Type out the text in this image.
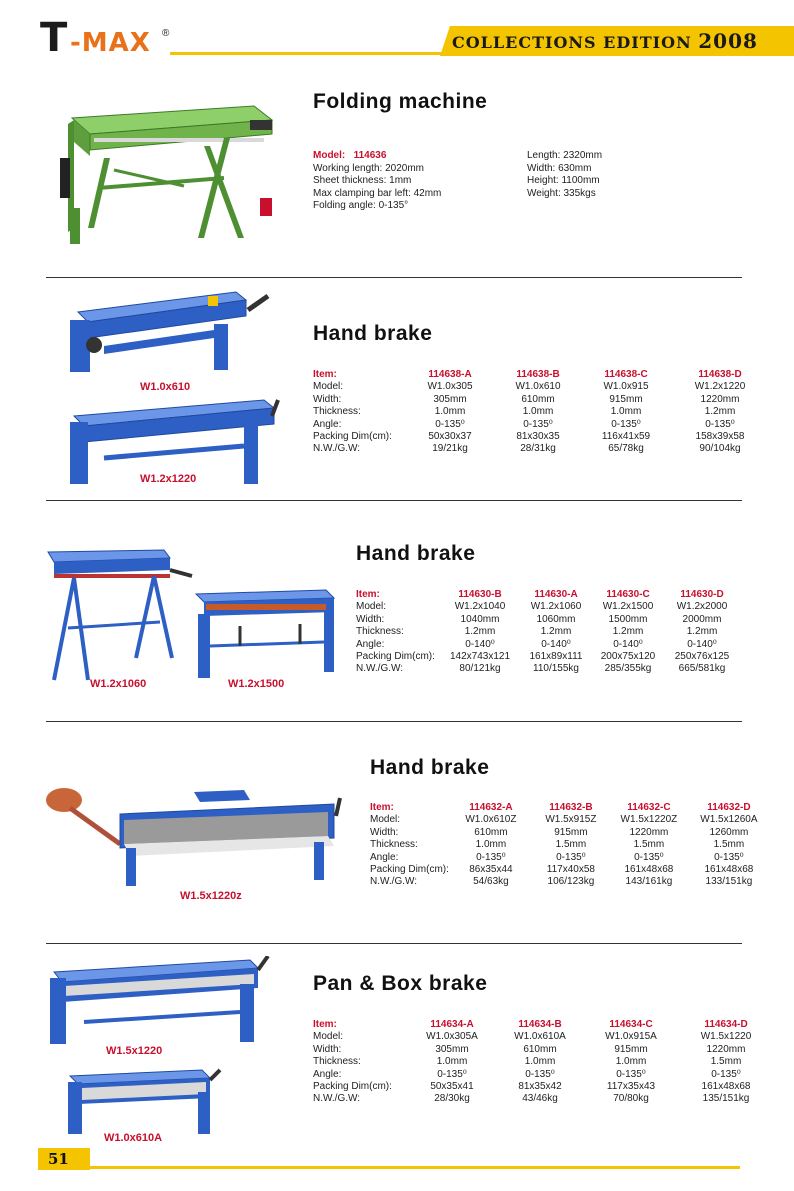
T -MAX ®	COLLECTIONS EDITION 2008
Folding machine
Model: 114636
Working length: 2020mm
Sheet thickness: 1mm
Max clamping bar left: 42mm
Folding angle: 0-135°
Length: 2320mm
Width: 630mm
Height: 1100mm
Weight: 335kgs
W1.0x610
W1.2x1220
Hand brake
Item:	114638-A	114638-B	114638-C	114638-D
Model:	W1.0x305	W1.0x610	W1.0x915	W1.2x1220
Width:	305mm	610mm	915mm	1220mm
Thickness:	1.0mm	1.0mm	1.0mm	1.2mm
Angle:	0-135⁰	0-135⁰	0-135⁰	0-135⁰
Packing Dim(cm):	50x30x37	81x30x35	116x41x59	158x39x58
N.W./G.W:	19/21kg	28/31kg	65/78kg	90/104kg
W1.2x1060	W1.2x1500
Hand brake
Item:	114630-B	114630-A	114630-C	114630-D
Model:	W1.2x1040	W1.2x1060	W1.2x1500	W1.2x2000
Width:	1040mm	1060mm	1500mm	2000mm
Thickness:	1.2mm	1.2mm	1.2mm	1.2mm
Angle:	0-140⁰	0-140⁰	0-140⁰	0-140⁰
Packing Dim(cm):	142x743x121	161x89x111	200x75x120	250x76x125
N.W./G.W:	80/121kg	110/155kg	285/355kg	665/581kg
W1.5x1220z
Hand brake
Item:	114632-A	114632-B	114632-C	114632-D
Model:	W1.0x610Z	W1.5x915Z	W1.5x1220Z	W1.5x1260A
Width:	610mm	915mm	1220mm	1260mm
Thickness:	1.0mm	1.5mm	1.5mm	1.5mm
Angle:	0-135⁰	0-135⁰	0-135⁰	0-135⁰
Packing Dim(cm):	86x35x44	117x40x58	161x48x68	161x48x68
N.W./G.W:	54/63kg	106/123kg	143/161kg	133/151kg
W1.5x1220
W1.0x610A
Pan & Box brake
Item:	114634-A	114634-B	114634-C	114634-D
Model:	W1.0x305A	W1.0x610A	W1.0x915A	W1.5x1220
Width:	305mm	610mm	915mm	1220mm
Thickness:	1.0mm	1.0mm	1.0mm	1.5mm
Angle:	0-135⁰	0-135⁰	0-135⁰	0-135⁰
Packing Dim(cm):	50x35x41	81x35x42	117x35x43	161x48x68
N.W./G.W:	28/30kg	43/46kg	70/80kg	135/151kg
51
